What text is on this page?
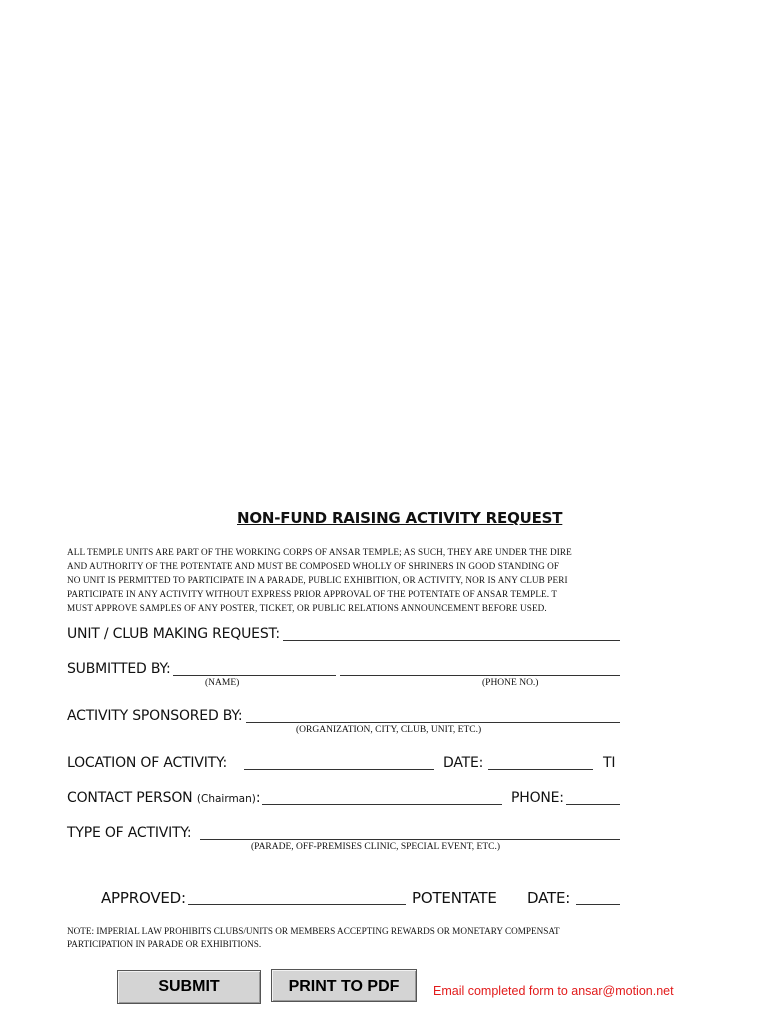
NON-FUND RAISING ACTIVITY REQUEST
ALL TEMPLE UNITS ARE PART OF THE WORKING CORPS OF ANSAR TEMPLE; AS SUCH, THEY ARE UNDER THE DIRE
AND AUTHORITY OF THE POTENTATE AND MUST BE COMPOSED WHOLLY OF SHRINERS IN GOOD STANDING OF
NO UNIT IS PERMITTED TO PARTICIPATE IN A PARADE, PUBLIC EXHIBITION, OR ACTIVITY, NOR IS ANY CLUB PERI
PARTICIPATE IN ANY ACTIVITY WITHOUT EXPRESS PRIOR APPROVAL OF THE POTENTATE OF ANSAR TEMPLE. T
MUST APPROVE SAMPLES OF ANY POSTER, TICKET, OR PUBLIC RELATIONS ANNOUNCEMENT BEFORE USED.
UNIT / CLUB MAKING REQUEST:
SUBMITTED BY:
(NAME)	(PHONE NO.)
ACTIVITY SPONSORED BY:
(ORGANIZATION, CITY, CLUB, UNIT, ETC.)
LOCATION OF ACTIVITY:	DATE:	TI
CONTACT PERSON (Chairman):	PHONE:
TYPE OF ACTIVITY:
(PARADE, OFF-PREMISES CLINIC, SPECIAL EVENT, ETC.)
APPROVED:	POTENTATE DATE:
NOTE: IMPERIAL LAW PROHIBITS CLUBS/UNITS OR MEMBERS ACCEPTING REWARDS OR MONETARY COMPENSAT
PARTICIPATION IN PARADE OR EXHIBITIONS.
SUBMIT	PRINT TO PDF	Email completed form to ansar@motion.net
